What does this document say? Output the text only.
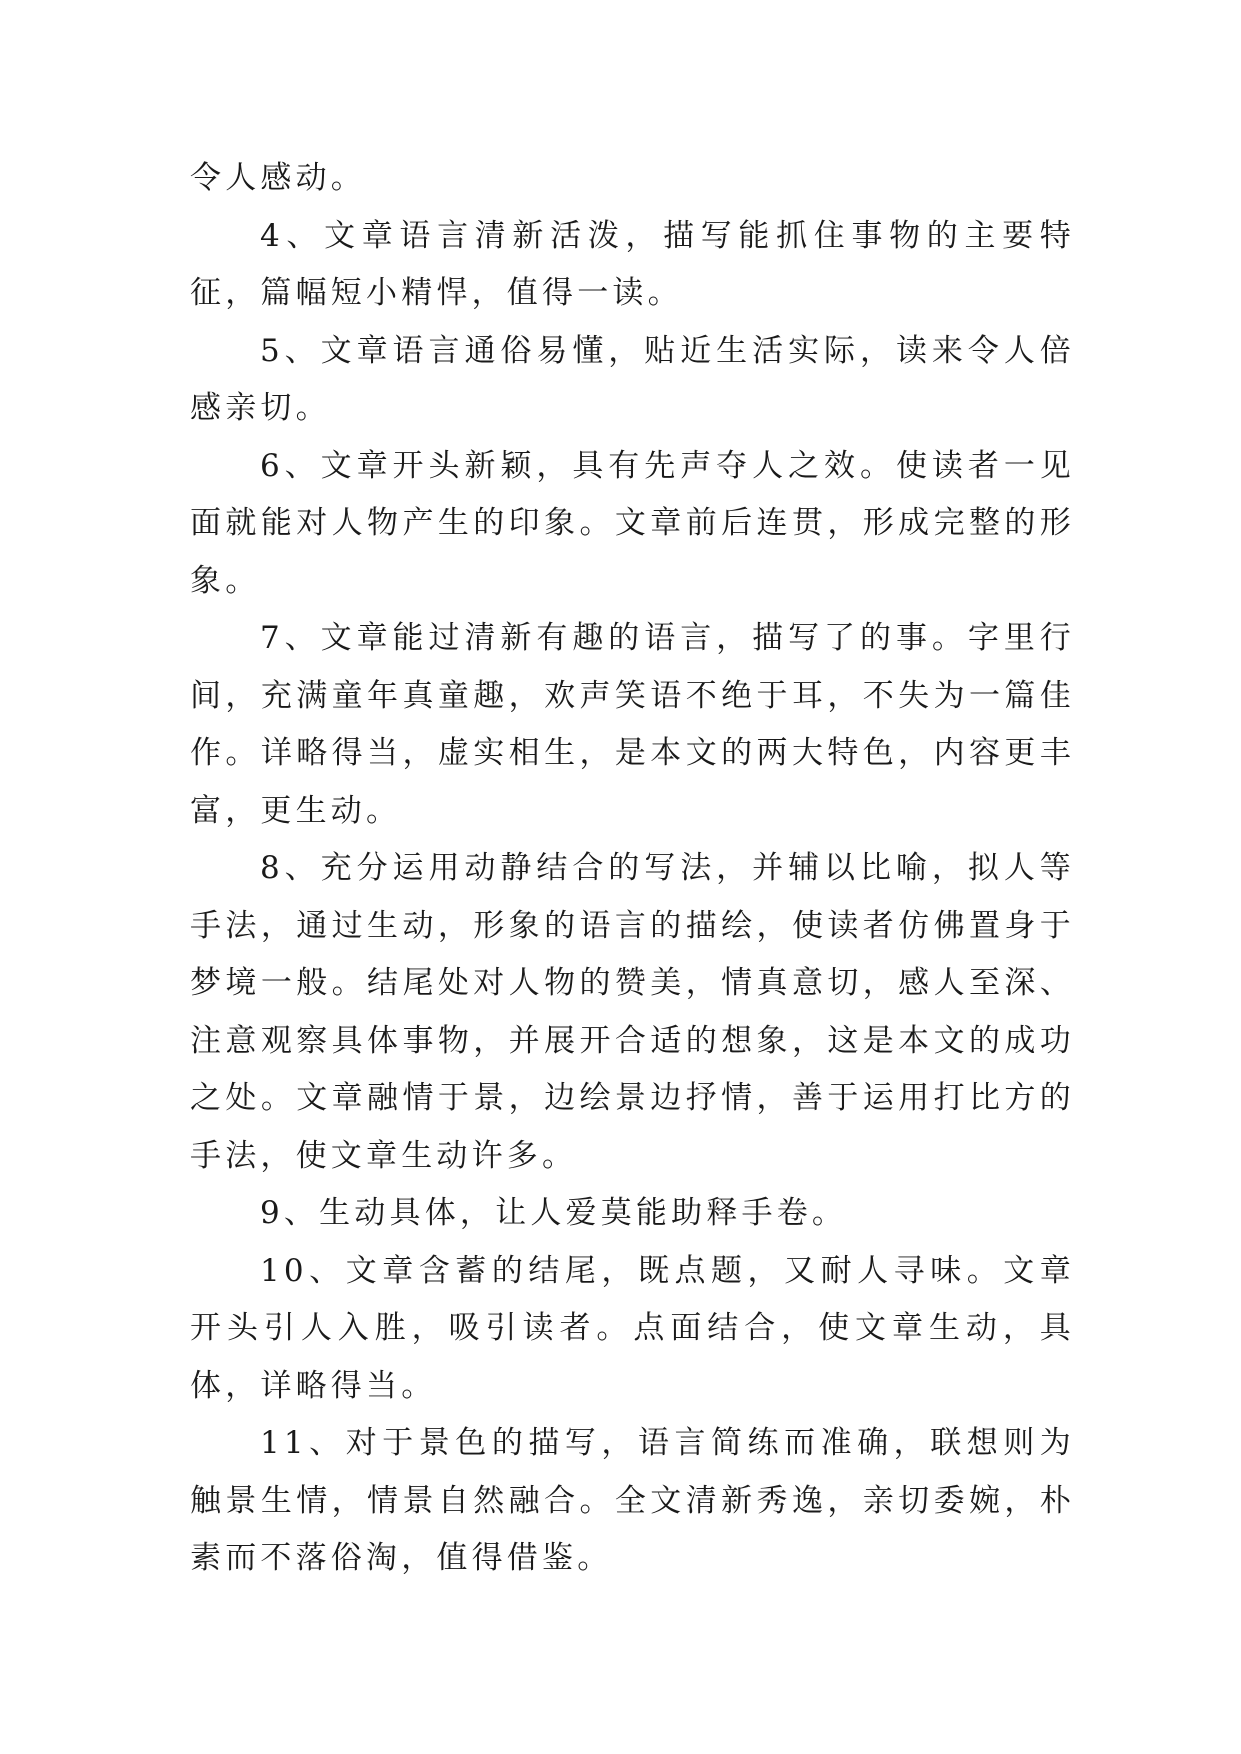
令人感动。

4、文章语言清新活泼，描写能抓住事物的主要特征，篇幅短小精悍，值得一读。

5、文章语言通俗易懂，贴近生活实际，读来令人倍感亲切。

6、文章开头新颖，具有先声夺人之效。使读者一见面就能对人物产生的印象。文章前后连贯，形成完整的形象。

7、文章能过清新有趣的语言，描写了的事。字里行间，充满童年真童趣，欢声笑语不绝于耳，不失为一篇佳作。详略得当，虚实相生，是本文的两大特色，内容更丰富，更生动。

8、充分运用动静结合的写法，并辅以比喻，拟人等手法，通过生动，形象的语言的描绘，使读者仿佛置身于梦境一般。结尾处对人物的赞美，情真意切，感人至深、注意观察具体事物，并展开合适的想象，这是本文的成功之处。文章融情于景，边绘景边抒情，善于运用打比方的手法，使文章生动许多。

9、生动具体，让人爱莫能助释手卷。

10、文章含蓄的结尾，既点题，又耐人寻味。文章开头引人入胜，吸引读者。点面结合，使文章生动，具体，详略得当。

11、对于景色的描写，语言简练而准确，联想则为触景生情，情景自然融合。全文清新秀逸，亲切委婉，朴素而不落俗淘，值得借鉴。
